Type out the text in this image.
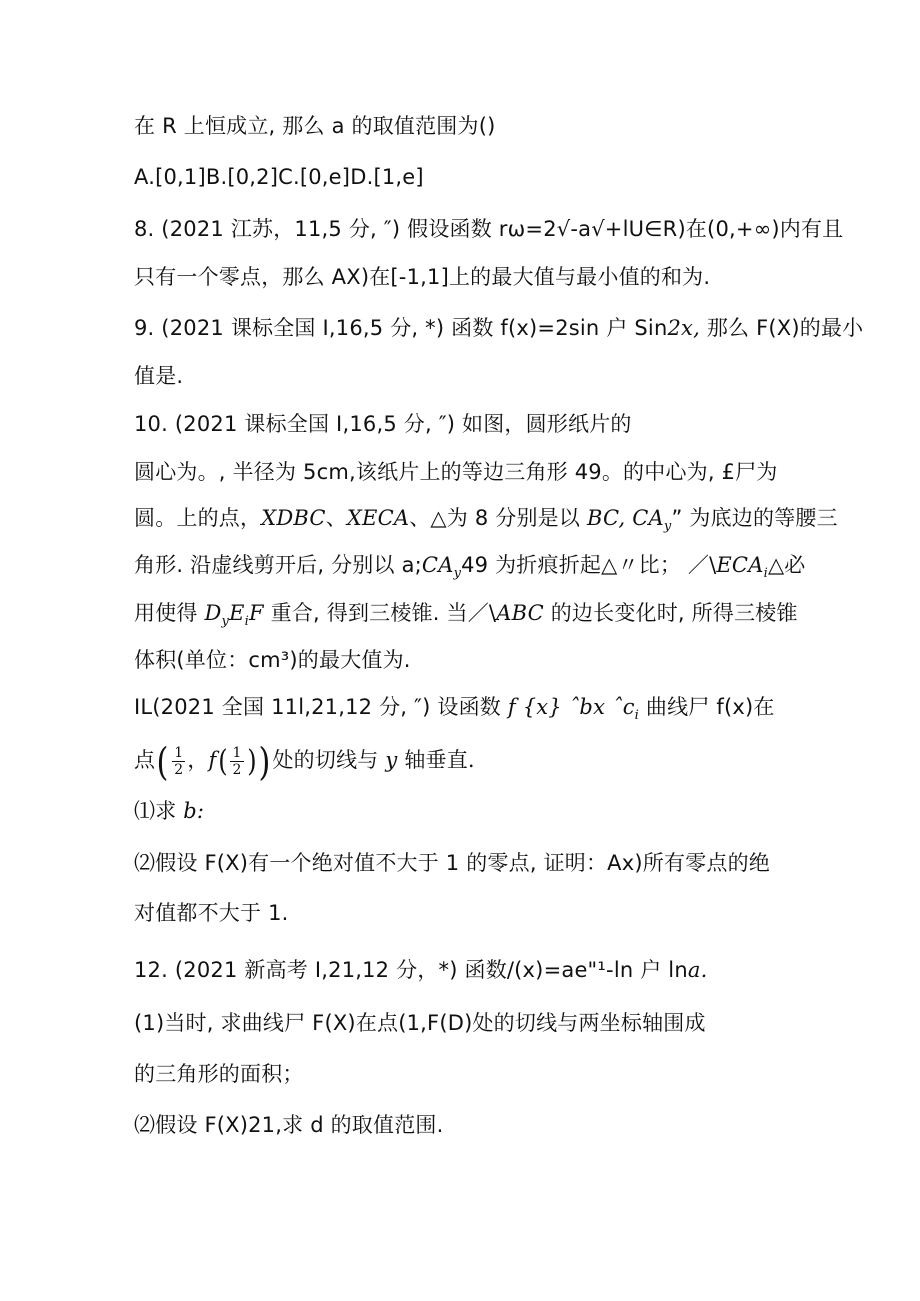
在 R 上恒成立, 那么 a 的取值范围为()
A.[0,1]B.[0,2]C.[0,e]D.[1,e]
8. (2021 江苏，11,5 分, ″) 假设函数 rω=2√-a√+lU∈R)在(0,+∞)内有且
只有一个零点，那么 AX)在[-1,1]上的最大值与最小值的和为.
9. (2021 课标全国 I,16,5 分, *) 函数 f(x)=2sin 户 Sin2x, 那么 F(X)的最小
值是.
10. (2021 课标全国 I,16,5 分, ″) 如图，圆形纸片的
圆心为。, 半径为 5cm,该纸片上的等边三角形 49。的中心为, £尸为
圆。上的点，XDBC、XECA、△为 8 分别是以 BC, $CA_y$” 为底边的等腰三
角形. 沿虚线剪开后, 分别以 $a;CA_y49$ 为折痕折起△〃比； $/\backslash ECA_i\triangle$必
用使得 $D_yE_iF$ 重合, 得到三棱锥. 当／\ABC 的边长变化时, 所得三棱锥
体积(单位：cm³)的最大值为.
IL(2021 全国 11l,21,12 分, ″) 设函数 f {x} ˆbx ˆc$_i$ 曲线尸 f(x)在
点( $\frac{1}{2}$ ，$f( \frac{1}{2}$ ))处的切线与 y 轴垂直.
⑴求 b:
⑵假设 F(X)有一个绝对值不大于 1 的零点, 证明：Ax)所有零点的绝
对值都不大于 1.
12. (2021 新高考 I,21,12 分，*) 函数/(x)=ae"¹-ln 户 lna.
(1)当时, 求曲线尸 F(X)在点(1,F(D)处的切线与两坐标轴围成
的三角形的面积；
⑵假设 F(X)21,求 d 的取值范围.
